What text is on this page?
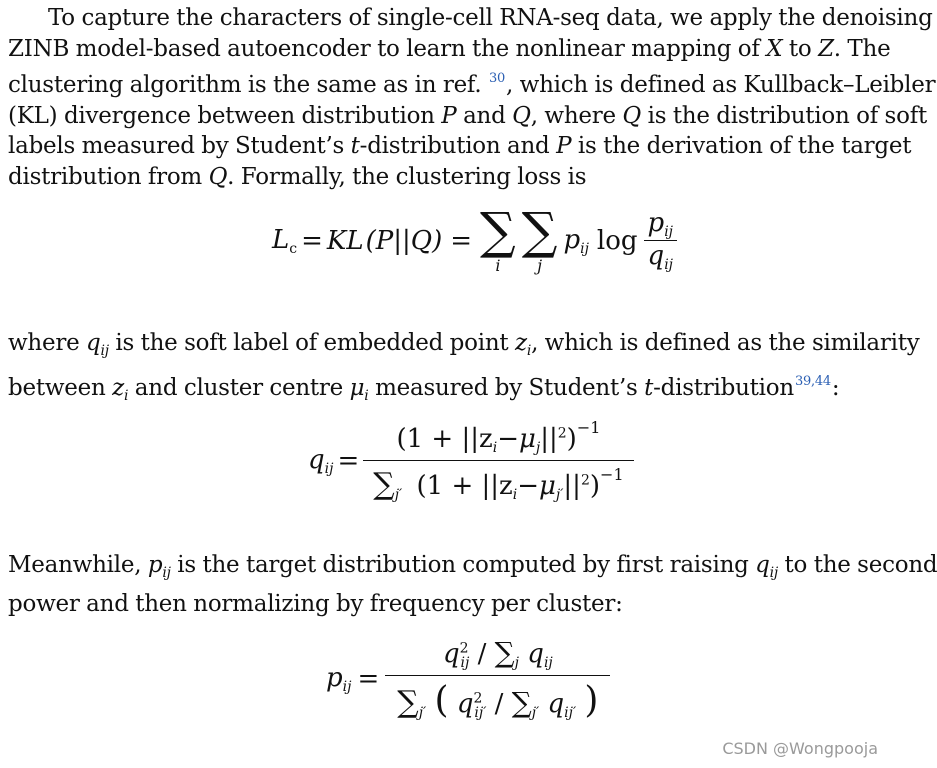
To capture the characters of single-cell RNA-seq data, we apply the denoising
ZINB model-based autoencoder to learn the nonlinear mapping of X to Z. The
clustering algorithm is the same as in ref. $^{30}$, which is defined as Kullback–Leibler
(KL) divergence between distribution P and Q, where Q is the distribution of soft
labels measured by Student’s t-distribution and P is the derivation of the target
distribution from Q. Formally, the clustering loss is

$L_c$ = KL (P||Q) = ∑
i
∑
j
$p_{ij}$ $\log \frac{p_{ij}}{q_{ij}}$

where $q_{ij}$ is the soft label of embedded point $z_i$, which is defined as the similarity
between $z_i$ and cluster centre $\mu_i$ measured by Student’s t-distribution$^{39,44}$:

$q_{ij} = \frac{(1 + ||z_i-\mu_j||^2)^{-1}}{\sum_{j'} (1 + ||z_i-\mu_{j'}||^2)^{-1}}$

Meanwhile, $p_{ij}$ is the target distribution computed by first raising $q_{ij}$ to the second
power and then normalizing by frequency per cluster:

$p_{ij}$ =
$q^2_{ij} / \sum_j$ $q_{ij}$
$\sum_{j'}$ ( $q^2_{ij'} / \sum_{j'}$ $q_{ij'}$ )
CSDN @Wongpooja
